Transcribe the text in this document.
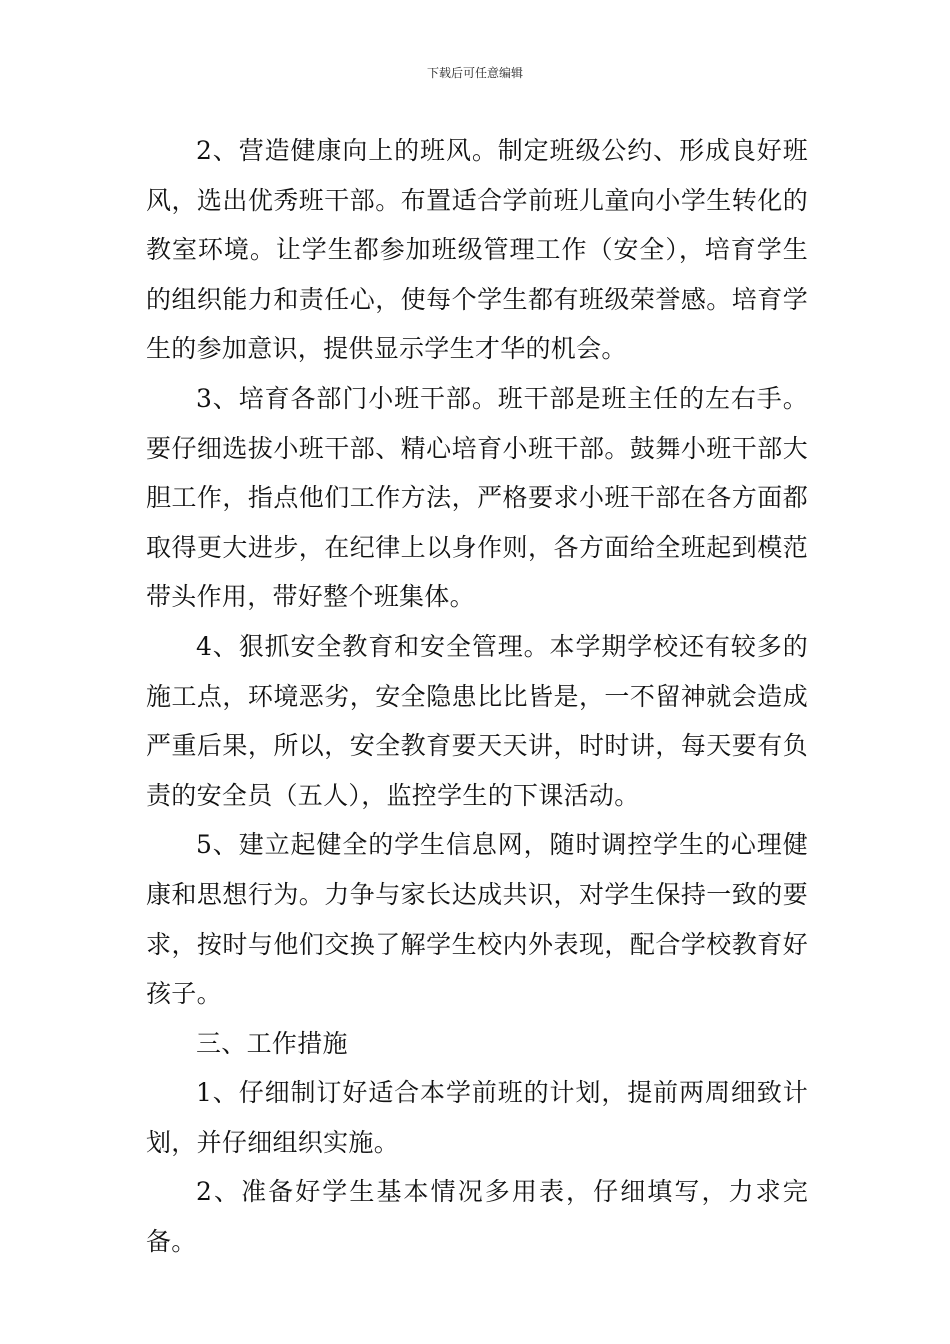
下载后可任意编辑

2、营造健康向上的班风。制定班级公约、形成良好班风，选出优秀班干部。布置适合学前班儿童向小学生转化的教室环境。让学生都参加班级管理工作（安全），培育学生的组织能力和责任心，使每个学生都有班级荣誉感。培育学生的参加意识，提供显示学生才华的机会。

3、培育各部门小班干部。班干部是班主任的左右手。要仔细选拔小班干部、精心培育小班干部。鼓舞小班干部大胆工作，指点他们工作方法，严格要求小班干部在各方面都取得更大进步，在纪律上以身作则，各方面给全班起到模范带头作用，带好整个班集体。

4、狠抓安全教育和安全管理。本学期学校还有较多的施工点，环境恶劣，安全隐患比比皆是，一不留神就会造成严重后果，所以，安全教育要天天讲，时时讲，每天要有负责的安全员（五人），监控学生的下课活动。

5、建立起健全的学生信息网，随时调控学生的心理健康和思想行为。力争与家长达成共识，对学生保持一致的要求，按时与他们交换了解学生校内外表现，配合学校教育好孩子。

三、工作措施

1、仔细制订好适合本学前班的计划，提前两周细致计划，并仔细组织实施。

2、准备好学生基本情况多用表，仔细填写，力求完备。
